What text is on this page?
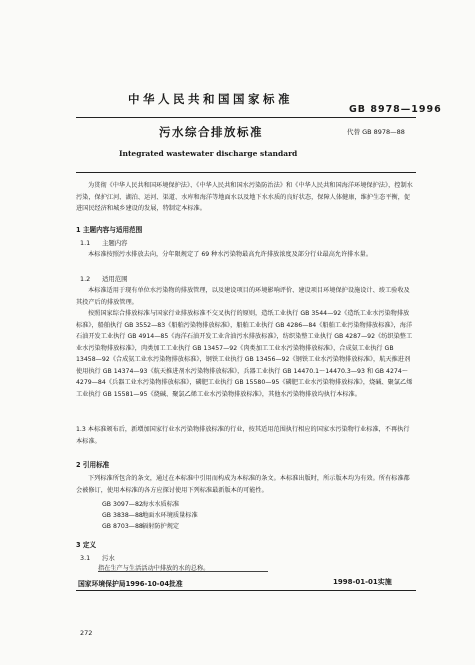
中华人民共和国国家标准
GB 8978—1996
污水综合排放标准	代替 GB 8978—88
Integrated wastewater discharge standard
为贯彻《中华人民共和国环境保护法》、《中华人民共和国水污染防治法》和《中华人民共和国海洋环境保护法》，控制水污染，保护江河、湖泊、运河、渠道、水库和海洋等地面水以及地下水水质的良好状态，保障人体健康，维护生态平衡，促进国民经济和城乡建设的发展，特制定本标准。
1 主题内容与适用范围
1.1 主题内容
本标准按照污水排放去向，分年限规定了 69 种水污染物最高允许排放浓度及部分行业最高允许排水量。
1.2 适用范围
本标准适用于现有单位水污染物的排放管理，以及建设项目的环境影响评价、建设项目环境保护设施设计、竣工验收及其投产后的排放管理。
按照国家综合排放标准与国家行业排放标准不交叉执行的原则，造纸工业执行 GB 3544—92《造纸工业水污染物排放标准》，船舶执行 GB 3552—83《船舶污染物排放标准》，船舶工业执行 GB 4286—84《船舶工业污染物排放标准》，海洋石油开发工业执行 GB 4914—85《海洋石油开发工业含油污水排放标准》，纺织染整工业执行 GB 4287—92《纺织染整工业水污染物排放标准》，肉类加工工业执行 GB 13457—92《肉类加工工业水污染物排放标准》，合成氨工业执行 GB 13458—92《合成氨工业水污染物排放标准》，钢铁工业执行 GB 13456—92《钢铁工业水污染物排放标准》，航天推进剂使用执行 GB 14374—93《航天推进剂水污染物排放标准》，兵器工业执行 GB 14470.1～14470.3—93 和 GB 4274～4279—84《兵器工业水污染物排放标准》，磷肥工业执行 GB 15580—95《磷肥工业水污染物排放标准》，烧碱、聚氯乙烯工业执行 GB 15581—95《烧碱、聚氯乙烯工业水污染物排放标准》，其他水污染物排放均执行本标准。
1.3 本标准颁布后，新增加国家行业水污染物排放标准的行业，按其适用范围执行相应的国家水污染物行业标准，不再执行本标准。
2 引用标准
下列标准所包含的条文，通过在本标准中引用而构成为本标准的条文。本标准出版时，所示版本均为有效。所有标准都会被修订，使用本标准的各方应探讨使用下列标准最新版本的可能性。
GB 3097—82海水水质标准
GB 3838—88地面水环境质量标准
GB 8703—88辐射防护规定
3 定义
3.1 污水
指在生产与生活活动中排放的水的总称。
国家环境保护局1996-10-04批准	1998-01-01实施
272
